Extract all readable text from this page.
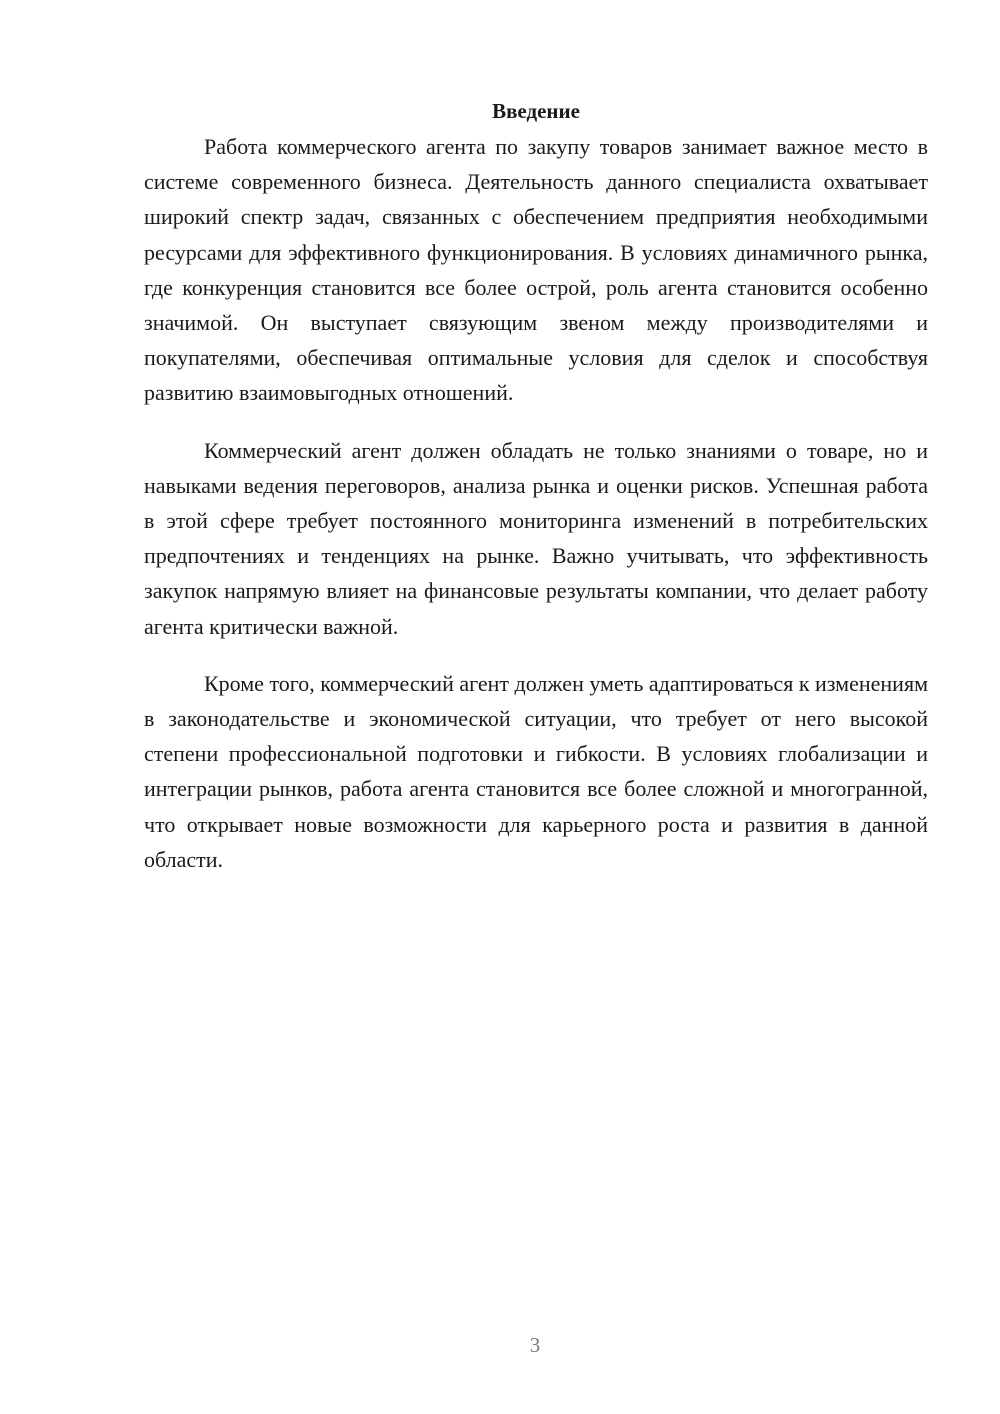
Введение

Работа коммерческого агента по закупу товаров занимает важное место в системе современного бизнеса. Деятельность данного специалиста охватывает широкий спектр задач, связанных с обеспечением предприятия необходимыми ресурсами для эффективного функционирования. В условиях динамичного рынка, где конкуренция становится все более острой, роль агента становится особенно значимой. Он выступает связующим звеном между производителями и покупателями, обеспечивая оптимальные условия для сделок и способствуя развитию взаимовыгодных отношений.

Коммерческий агент должен обладать не только знаниями о товаре, но и навыками ведения переговоров, анализа рынка и оценки рисков. Успешная работа в этой сфере требует постоянного мониторинга изменений в потребительских предпочтениях и тенденциях на рынке. Важно учитывать, что эффективность закупок напрямую влияет на финансовые результаты компании, что делает работу агента критически важной.

Кроме того, коммерческий агент должен уметь адаптироваться к изменениям в законодательстве и экономической ситуации, что требует от него высокой степени профессиональной подготовки и гибкости. В условиях глобализации и интеграции рынков, работа агента становится все более сложной и многогранной, что открывает новые возможности для карьерного роста и развития в данной области.

3
